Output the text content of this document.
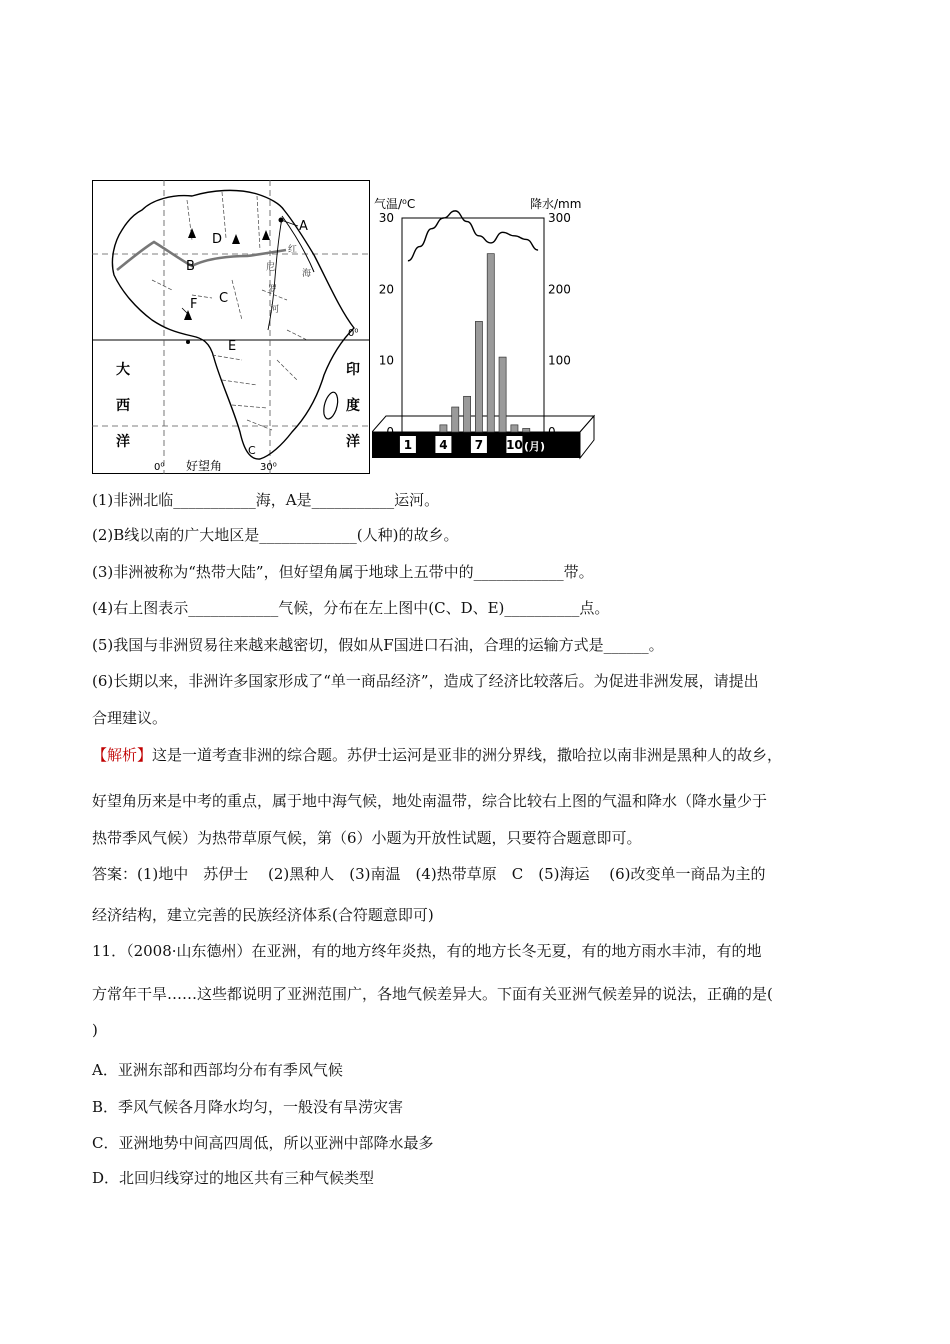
A
B
C
D
E
F
C
红
海
尼
罗
河
大
西
洋
印
度
洋
0⁰
0⁰	30⁰
好望角
气温/⁰C	降水/mm
30
20
10
0
300
200
100
0
1 4 7 10 (月)
(1)非洲北临___________海，A是___________运河。
(2)B线以南的广大地区是_____________(人种)的故乡。
(3)非洲被称为“热带大陆”，但好望角属于地球上五带中的____________带。
(4)右上图表示____________气候，分布在左上图中(C、D、E)__________点。
(5)我国与非洲贸易往来越来越密切，假如从F国进口石油，合理的运输方式是______。
(6)长期以来，非洲许多国家形成了“单一商品经济”，造成了经济比较落后。为促进非洲发展，请提出
合理建议。
【解析】这是一道考查非洲的综合题。苏伊士运河是亚非的洲分界线，撒哈拉以南非洲是黑种人的故乡，
好望角历来是中考的重点，属于地中海气候，地处南温带，综合比较右上图的气温和降水（降水量少于
热带季风气候）为热带草原气候，第（6）小题为开放性试题，只要符合题意即可。
答案：(1)地中　苏伊士　 (2)黑种人　(3)南温　(4)热带草原　C　(5)海运　 (6)改变单一商品为主的
经济结构，建立完善的民族经济体系(合符题意即可)
11．（2008·山东德州）在亚洲，有的地方终年炎热，有的地方长冬无夏，有的地方雨水丰沛，有的地
方常年干旱……这些都说明了亚洲范围广，各地气候差异大。下面有关亚洲气候差异的说法，正确的是(
)
A．亚洲东部和西部均分布有季风气候
B．季风气候各月降水均匀，一般没有旱涝灾害
C．亚洲地势中间高四周低，所以亚洲中部降水最多
D．北回归线穿过的地区共有三种气候类型
